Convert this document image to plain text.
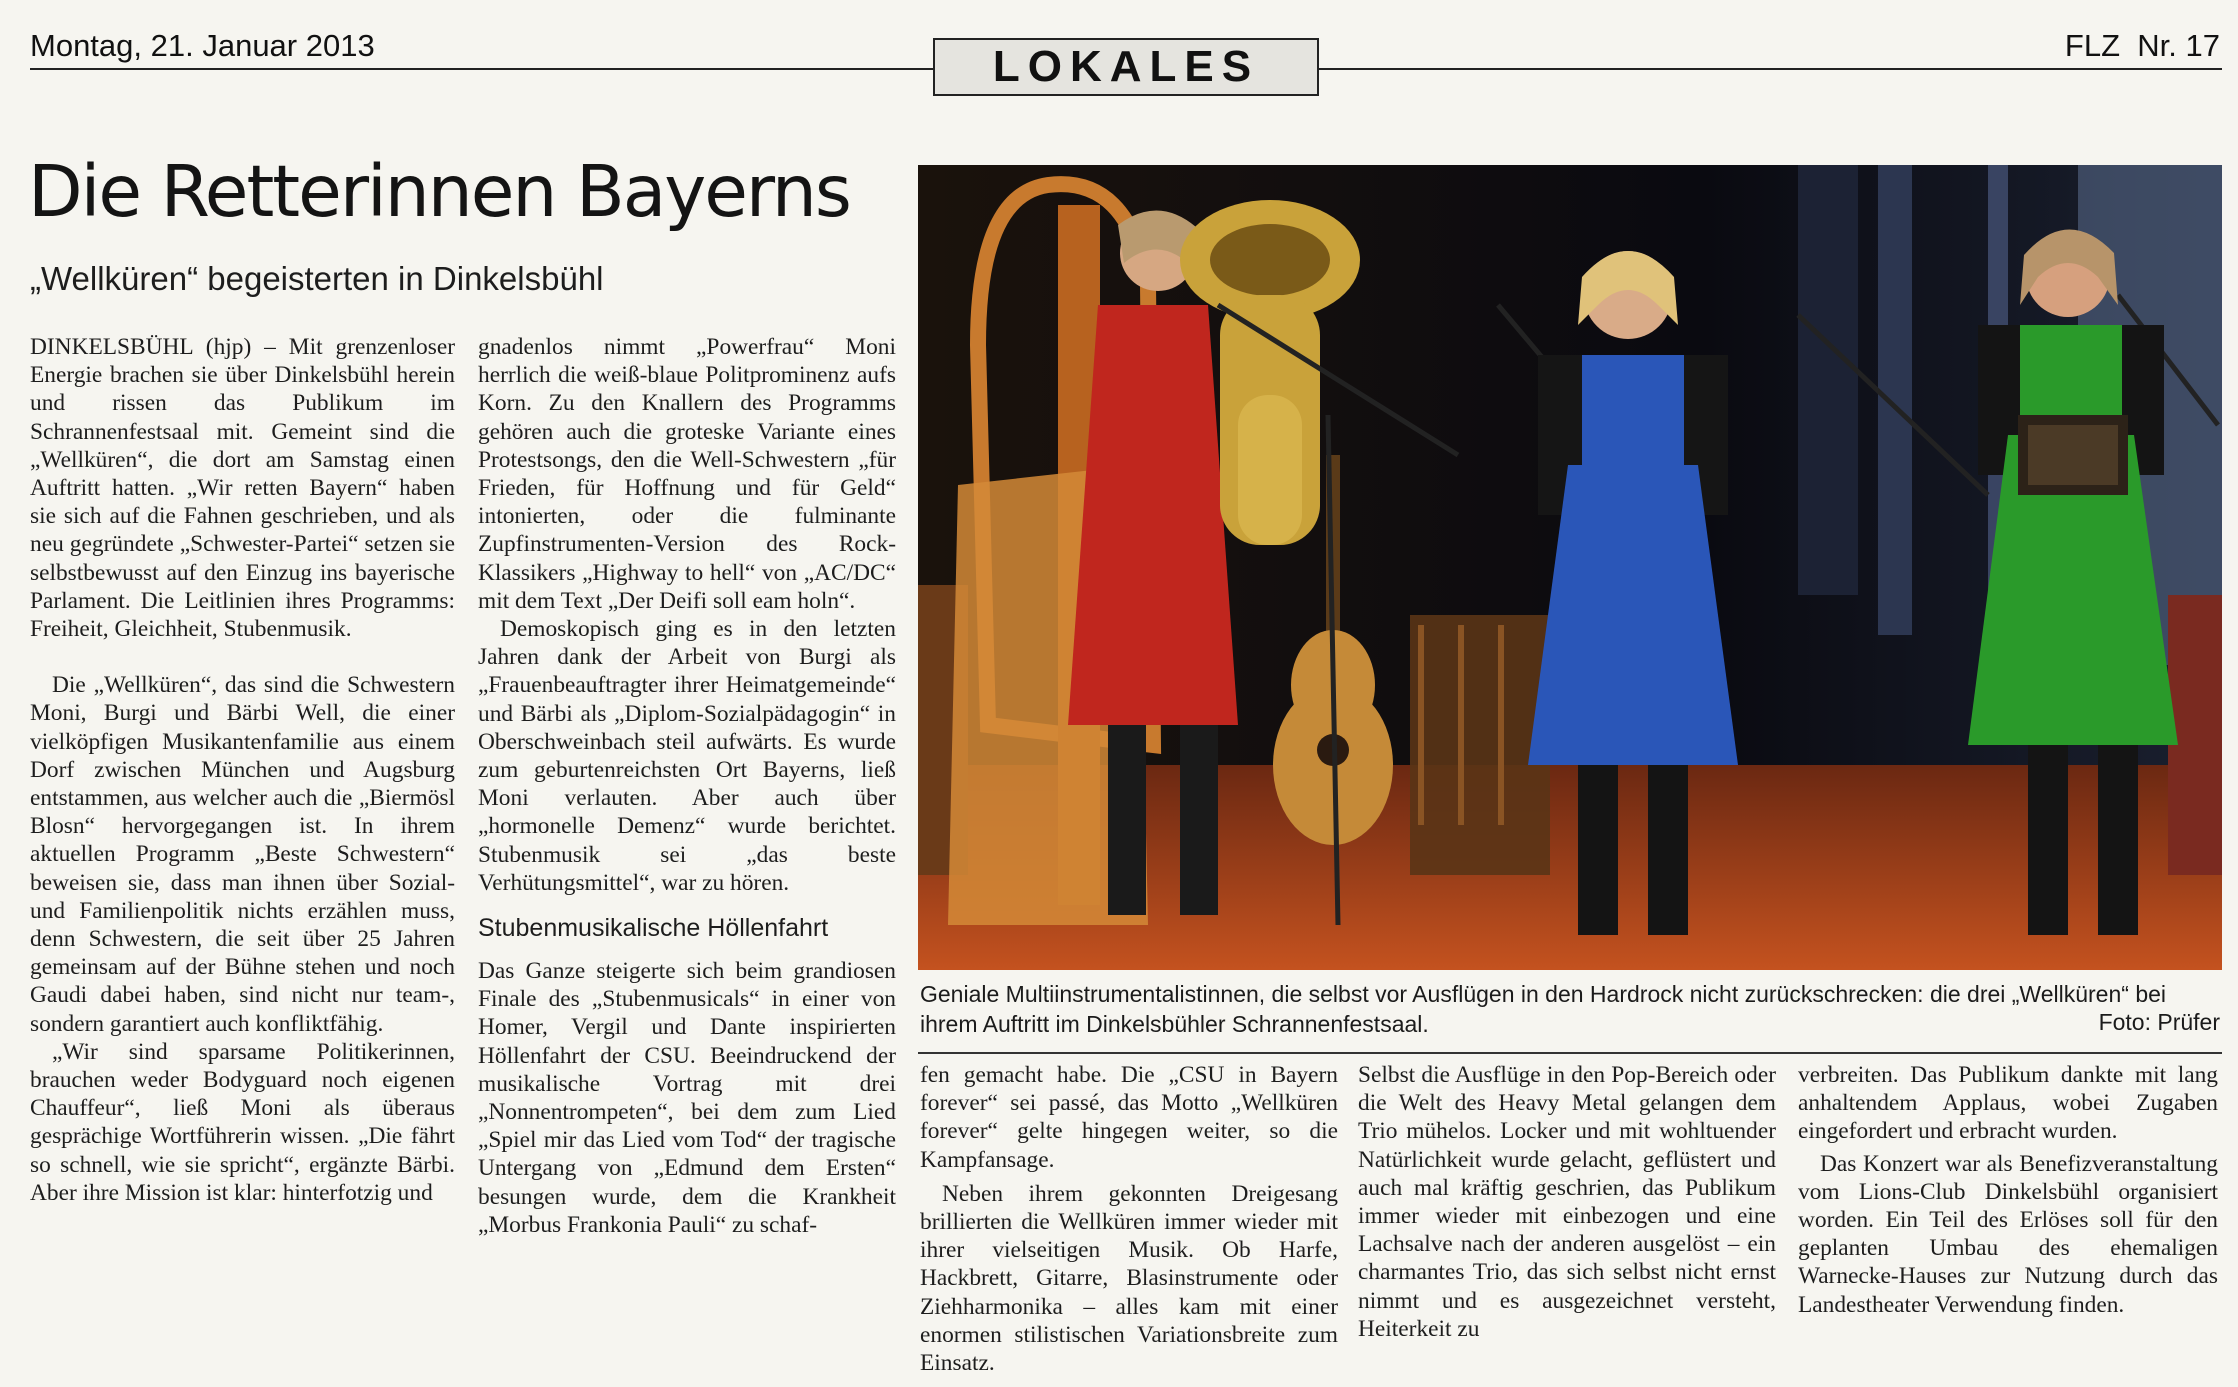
Montag, 21. Januar 2013	LOKALES	FLZ Nr. 17
Die Retterinnen Bayerns
„Wellküren“ begeisterten in Dinkelsbühl

DINKELSBÜHL (hjp) – Mit grenzenloser Energie brachen sie über Dinkelsbühl herein und rissen das Publikum im Schrannenfestsaal mit. Gemeint sind die „Wellküren“, die dort am Samstag einen Auftritt hatten. „Wir retten Bayern“ haben sie sich auf die Fahnen geschrieben, und als neu gegründete „Schwester-Partei“ setzen sie selbstbewusst auf den Einzug ins bayerische Parlament. Die Leitlinien ihres Programms: Freiheit, Gleichheit, Stubenmusik.

Die „Wellküren“, das sind die Schwestern Moni, Burgi und Bärbi Well, die einer vielköpfigen Musikantenfamilie aus einem Dorf zwischen München und Augsburg entstammen, aus welcher auch die „Biermösl Blosn“ hervorgegangen ist. In ihrem aktuellen Programm „Beste Schwestern“ beweisen sie, dass man ihnen über Sozial- und Familienpolitik nichts erzählen muss, denn Schwestern, die seit über 25 Jahren gemeinsam auf der Bühne stehen und noch Gaudi dabei haben, sind nicht nur team-, sondern garantiert auch konfliktfähig.

„Wir sind sparsame Politikerinnen, brauchen weder Bodyguard noch eigenen Chauffeur“, ließ Moni als überaus gesprächige Wortführerin wissen. „Die fährt so schnell, wie sie spricht“, ergänzte Bärbi. Aber ihre Mission ist klar: hinterfotzig und

gnadenlos nimmt „Powerfrau“ Moni herrlich die weiß-blaue Politprominenz aufs Korn. Zu den Knallern des Programms gehören auch die groteske Variante eines Protestsongs, den die Well-Schwestern „für Frieden, für Hoffnung und für Geld“ intonierten, oder die fulminante Zupfinstrumenten-Version des Rock-Klassikers „Highway to hell“ von „AC/DC“ mit dem Text „Der Deifi soll eam holn“.

Demoskopisch ging es in den letzten Jahren dank der Arbeit von Burgi als „Frauenbeauftragter ihrer Heimatgemeinde“ und Bärbi als „Diplom-Sozialpädagogin“ in Oberschweinbach steil aufwärts. Es wurde zum geburtenreichsten Ort Bayerns, ließ Moni verlauten. Aber auch über „hormonelle Demenz“ wurde berichtet. Stubenmusik sei „das beste Verhütungsmittel“, war zu hören.

Stubenmusikalische Höllenfahrt

Das Ganze steigerte sich beim grandiosen Finale des „Stubenmusicals“ in einer von Homer, Vergil und Dante inspirierten Höllenfahrt der CSU. Beeindruckend der musikalische Vortrag mit drei „Nonnentrompeten“, bei dem zum Lied „Spiel mir das Lied vom Tod“ der tragische Untergang von „Edmund dem Ersten“ besungen wurde, dem die Krankheit „Morbus Frankonia Pauli“ zu schaf-

Geniale Multiinstrumentalistinnen, die selbst vor Ausflügen in den Hardrock nicht zurückschrecken: die drei „Wellküren“ bei ihrem Auftritt im Dinkelsbühler Schrannenfestsaal.	Foto: Prüfer

fen gemacht habe. Die „CSU in Bayern forever“ sei passé, das Motto „Wellküren forever“ gelte hingegen weiter, so die Kampfansage.

Neben ihrem gekonnten Dreigesang brillierten die Wellküren immer wieder mit ihrer vielseitigen Musik. Ob Harfe, Hackbrett, Gitarre, Blasinstrumente oder Ziehharmonika – alles kam mit einer enormen stilistischen Variationsbreite zum Einsatz.

Selbst die Ausflüge in den Pop-Bereich oder die Welt des Heavy Metal gelangen dem Trio mühelos. Locker und mit wohltuender Natürlichkeit wurde gelacht, geflüstert und auch mal kräftig geschrien, das Publikum immer wieder mit einbezogen und eine Lachsalve nach der anderen ausgelöst – ein charmantes Trio, das sich selbst nicht ernst nimmt und es ausgezeichnet versteht, Heiterkeit zu

verbreiten. Das Publikum dankte mit lang anhaltendem Applaus, wobei Zugaben eingefordert und erbracht wurden.

Das Konzert war als Benefizveranstaltung vom Lions-Club Dinkelsbühl organisiert worden. Ein Teil des Erlöses soll für den geplanten Umbau des ehemaligen Warnecke-Hauses zur Nutzung durch das Landestheater Verwendung finden.
